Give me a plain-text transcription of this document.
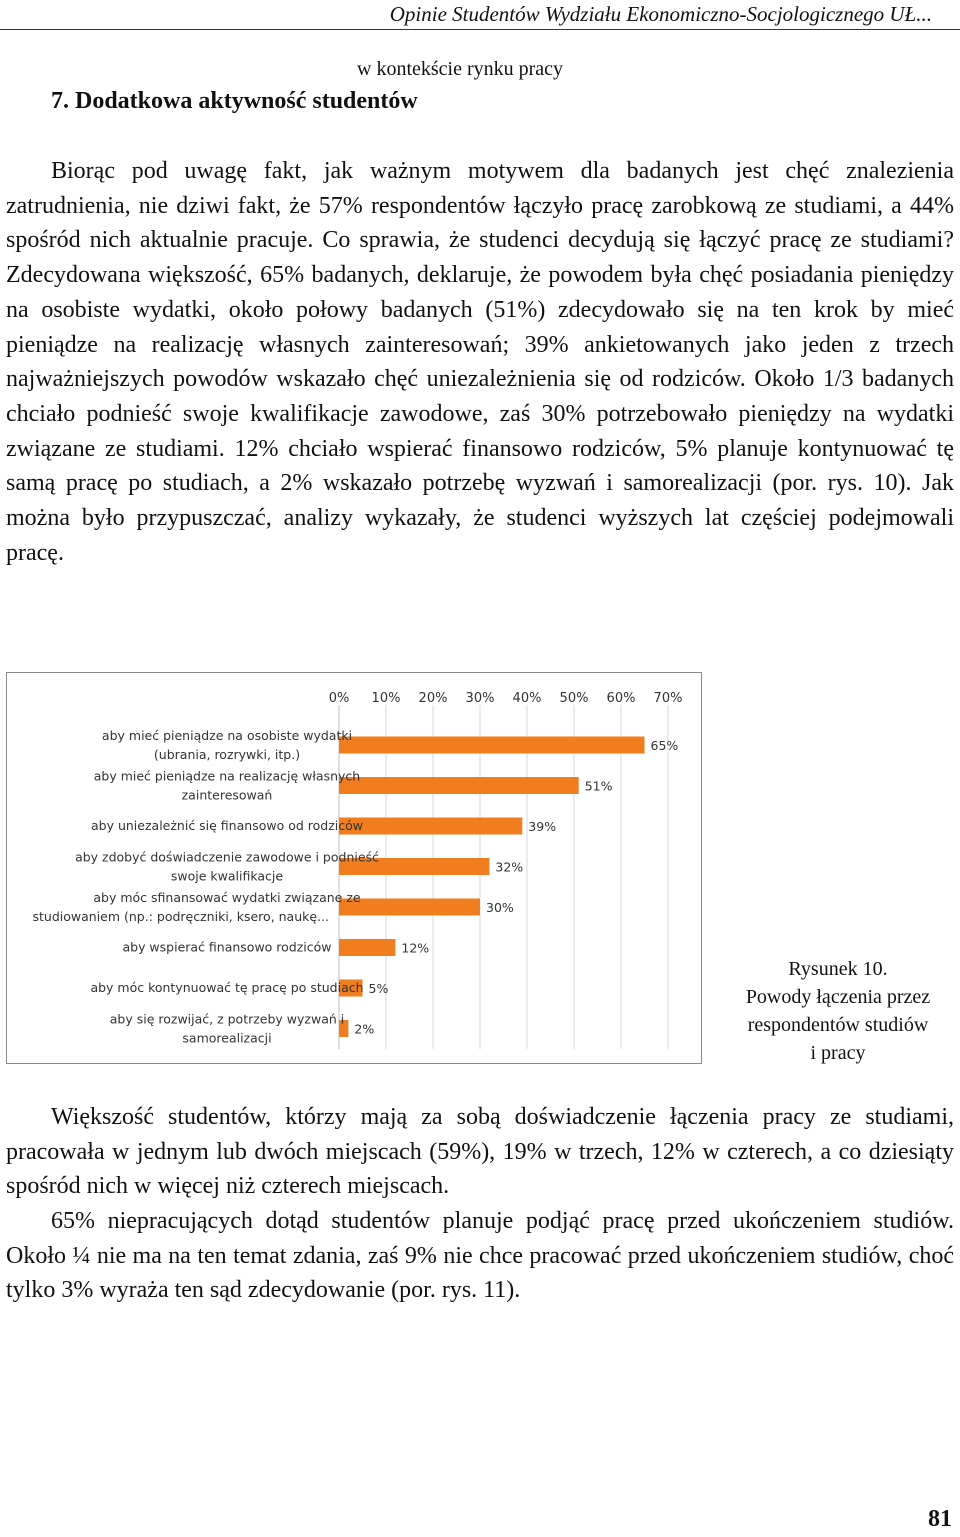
Opinie Studentów Wydziału Ekonomiczno-Socjologicznego UŁ...
w kontekście rynku pracy
7. Dodatkowa aktywność studentów

Biorąc pod uwagę fakt, jak ważnym motywem dla badanych jest chęć znalezienia zatrudnienia, nie dziwi fakt, że 57% respondentów łączyło pracę zarobkową ze studiami, a 44% spośród nich aktualnie pracuje. Co sprawia, że studenci decydują się łączyć pracę ze studiami? Zdecydowana większość, 65% badanych, deklaruje, że powodem była chęć posiadania pieniędzy na osobiste wydatki, około połowy badanych (51%) zdecydowało się na ten krok by mieć pieniądze na realizację własnych zainteresowań; 39% ankietowanych jako jeden z trzech najważniejszych powodów wskazało chęć uniezależnienia się od rodziców. Około 1/3 badanych chciało podnieść swoje kwalifikacje zawodowe, zaś 30% potrzebowało pieniędzy na wydatki związane ze studiami. 12% chciało wspierać finansowo rodziców, 5% planuje kontynuować tę samą pracę po studiach, a 2% wskazało potrzebę wyzwań i samorealizacji (por. rys. 10). Jak można było przypuszczać, analizy wykazały, że studenci wyższych lat częściej podejmowali pracę.

0% 10% 20% 30% 40% 50% 60% 70%
65%
aby mieć pieniądze na osobiste wydatki
(ubrania, rozrywki, itp.)
51%
aby mieć pieniądze na realizację własnych
zainteresowań
39%
aby uniezależnić się finansowo od rodziców
32%
aby zdobyć doświadczenie zawodowe i podnieść
swoje kwalifikacje
30%
aby móc sfinansować wydatki związane ze
studiowaniem (np.: podręczniki, ksero, naukę...
12%
aby wspierać finansowo rodziców
5%
aby móc kontynuować tę pracę po studiach
2%
aby się rozwijać, z potrzeby wyzwań i
samorealizacji
Rysunek 10.
Powody łączenia przez
respondentów studiów
i pracy

Większość studentów, którzy mają za sobą doświadczenie łączenia pracy ze studiami, pracowała w jednym lub dwóch miejscach (59%), 19% w trzech, 12% w czterech, a co dziesiąty spośród nich w więcej niż czterech miejscach.

65% niepracujących dotąd studentów planuje podjąć pracę przed ukończeniem studiów. Około ¼ nie ma na ten temat zdania, zaś 9% nie chce pracować przed ukończeniem studiów, choć tylko 3% wyraża ten sąd zdecydowanie (por. rys. 11).

81
